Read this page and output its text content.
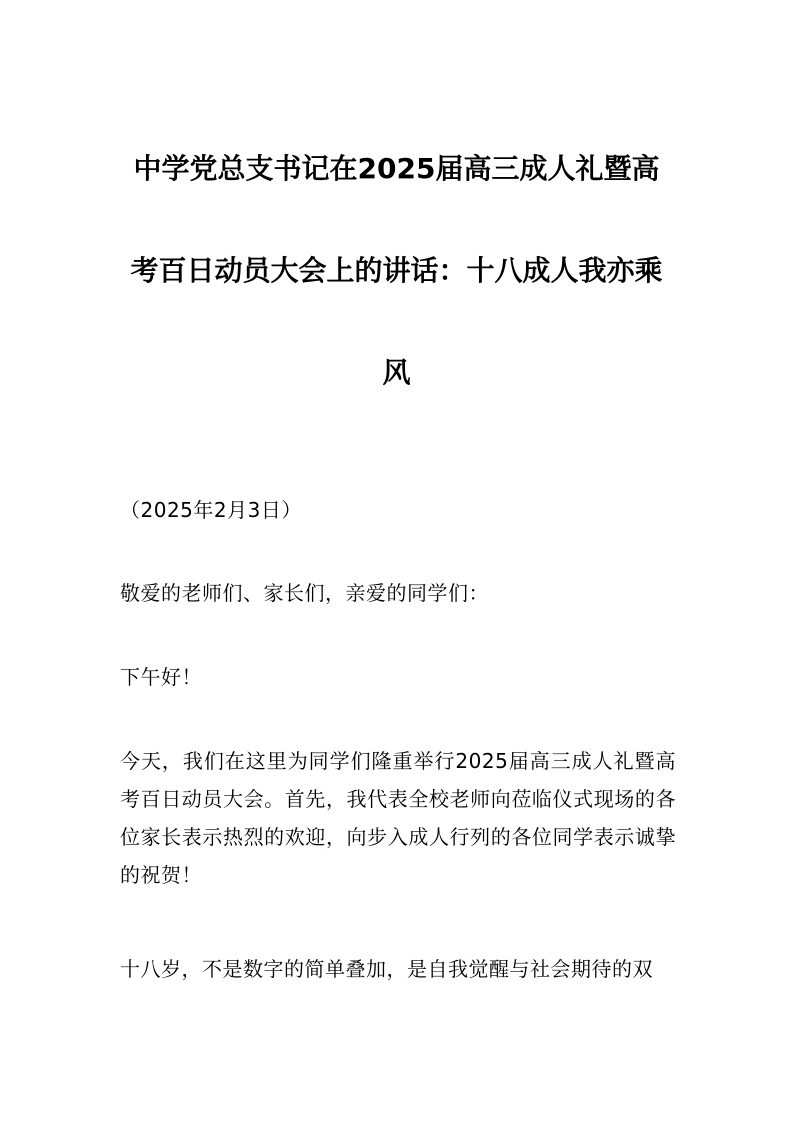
中学党总支书记在2025届高三成人礼暨高考百日动员大会上的讲话：十八成人我亦乘风

（2025年2月3日）

敬爱的老师们、家长们，亲爱的同学们：

下午好！

今天，我们在这里为同学们隆重举行2025届高三成人礼暨高考百日动员大会。首先，我代表全校老师向莅临仪式现场的各位家长表示热烈的欢迎，向步入成人行列的各位同学表示诚挚的祝贺！

十八岁，不是数字的简单叠加，是自我觉醒与社会期待的双
